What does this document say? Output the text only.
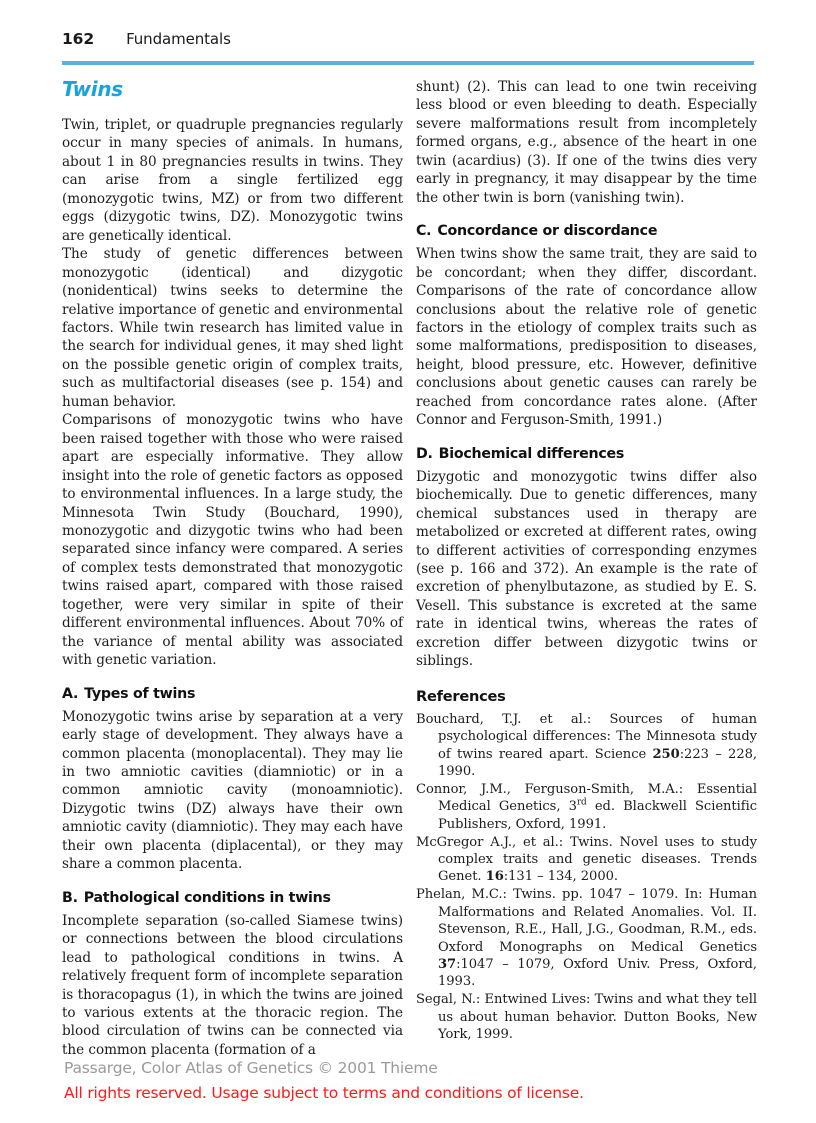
162 Fundamentals
Twins

Twin, triplet, or quadruple pregnancies regularly occur in many species of animals. In humans, about 1 in 80 pregnancies results in twins. They can arise from a single fertilized egg (monozygotic twins, MZ) or from two different eggs (dizygotic twins, DZ). Monozygotic twins are genetically identical.

The study of genetic differences between monozygotic (identical) and dizygotic (nonidentical) twins seeks to determine the relative importance of genetic and environmental factors. While twin research has limited value in the search for individual genes, it may shed light on the possible genetic origin of complex traits, such as multifactorial diseases (see p. 154) and human behavior.

Comparisons of monozygotic twins who have been raised together with those who were raised apart are especially informative. They allow insight into the role of genetic factors as opposed to environmental influences. In a large study, the Minnesota Twin Study (Bouchard, 1990), monozygotic and dizygotic twins who had been separated since infancy were compared. A series of complex tests demonstrated that monozygotic twins raised apart, compared with those raised together, were very similar in spite of their different environmental influences. About 70% of the variance of mental ability was associated with genetic variation.

A. Types of twins

Monozygotic twins arise by separation at a very early stage of development. They always have a common placenta (monoplacental). They may lie in two amniotic cavities (diamniotic) or in a common amniotic cavity (monoamniotic). Dizygotic twins (DZ) always have their own amniotic cavity (diamniotic). They may each have their own placenta (diplacental), or they may share a common placenta.

B. Pathological conditions in twins

Incomplete separation (so-called Siamese twins) or connections between the blood circulations lead to pathological conditions in twins. A relatively frequent form of incomplete separation is thoracopagus (1), in which the twins are joined to various extents at the thoracic region. The blood circulation of twins can be connected via the common placenta (formation of a

shunt) (2). This can lead to one twin receiving less blood or even bleeding to death. Especially severe malformations result from incompletely formed organs, e.g., absence of the heart in one twin (acardius) (3). If one of the twins dies very early in pregnancy, it may disappear by the time the other twin is born (vanishing twin).

C. Concordance or discordance

When twins show the same trait, they are said to be concordant; when they differ, discordant. Comparisons of the rate of concordance allow conclusions about the relative role of genetic factors in the etiology of complex traits such as some malformations, predisposition to diseases, height, blood pressure, etc. However, definitive conclusions about genetic causes can rarely be reached from concordance rates alone. (After Connor and Ferguson-Smith, 1991.)

D. Biochemical differences

Dizygotic and monozygotic twins differ also biochemically. Due to genetic differences, many chemical substances used in therapy are metabolized or excreted at different rates, owing to different activities of corresponding enzymes (see p. 166 and 372). An example is the rate of excretion of phenylbutazone, as studied by E. S. Vesell. This substance is excreted at the same rate in identical twins, whereas the rates of excretion differ between dizygotic twins or siblings.

References

Bouchard, T.J. et al.: Sources of human psychological differences: The Minnesota study of twins reared apart. Science 250:223 – 228, 1990.

Connor, J.M., Ferguson-Smith, M.A.: Essential Medical Genetics, 3rd ed. Blackwell Scientific Publishers, Oxford, 1991.

McGregor A.J., et al.: Twins. Novel uses to study complex traits and genetic diseases. Trends Genet. 16:131 – 134, 2000.

Phelan, M.C.: Twins. pp. 1047 – 1079. In: Human Malformations and Related Anomalies. Vol. II. Stevenson, R.E., Hall, J.G., Goodman, R.M., eds. Oxford Monographs on Medical Genetics 37:1047 – 1079, Oxford Univ. Press, Oxford, 1993.

Segal, N.: Entwined Lives: Twins and what they tell us about human behavior. Dutton Books, New York, 1999.

Passarge, Color Atlas of Genetics © 2001 Thieme
All rights reserved. Usage subject to terms and conditions of license.
